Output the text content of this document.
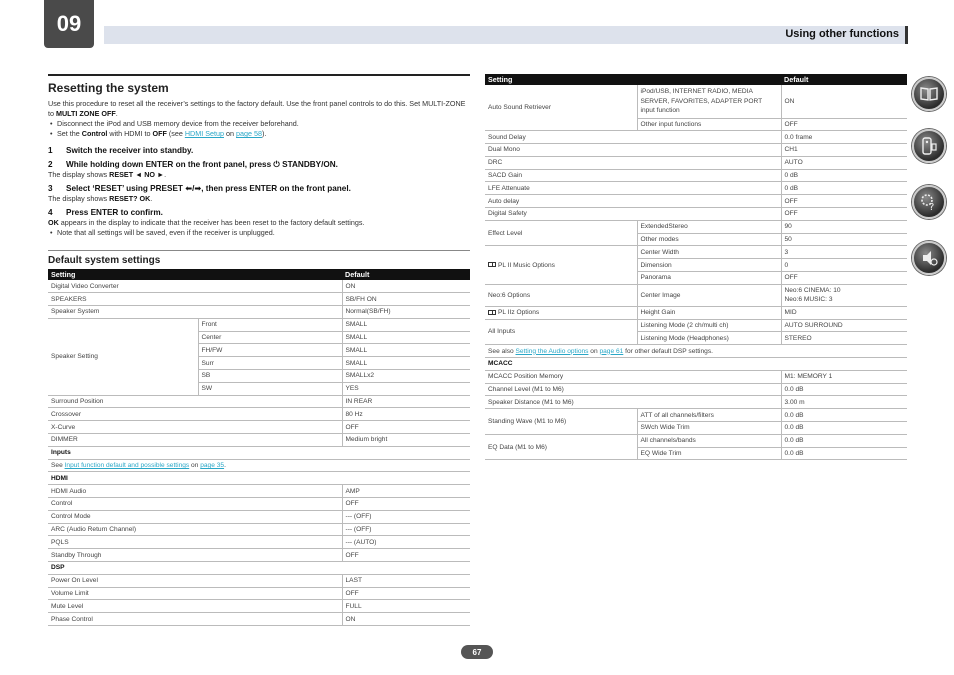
09	Using other functions
Resetting the system

Use this procedure to reset all the receiver’s settings to the factory default. Use the front panel controls to do this. Set MULTI-ZONE to MULTI ZONE OFF.

• Disconnect the iPod and USB memory device from the receiver beforehand.
• Set the Control with HDMI to OFF (see HDMI Setup on page 58).
1 Switch the receiver into standby.
2 While holding down ENTER on the front panel, press ⏻ STANDBY/ON.

The display shows RESET ◄ NO ►.

3 Select ‘RESET’ using PRESET ⬅/➡, then press ENTER on the front panel.

The display shows RESET? OK.

4 Press ENTER to confirm.

OK appears in the display to indicate that the receiver has been reset to the factory default settings.

• Note that all settings will be saved, even if the receiver is unplugged.
Default system settings
Setting		Default
Digital Video Converter		ON
SPEAKERS		SB/FH ON
Speaker System		Normal(SB/FH)
Speaker Setting	Front	SMALL
	Center	SMALL
	FH/FW	SMALL
	Surr	SMALL
	SB	SMALLx2
	SW	YES
Surround Position		IN REAR
Crossover		80 Hz
X-Curve		OFF
DIMMER		Medium bright
Inputs		
See Input function default and possible settings on page 35.		
HDMI		
HDMI Audio		AMP
Control		OFF
Control Mode		--- (OFF)
ARC (Audio Return Channel)		--- (OFF)
PQLS		--- (AUTO)
Standby Through		OFF
DSP		
Power On Level		LAST
Volume Limit		OFF
Mute Level		FULL
Phase Control		ON
Setting		Default
Auto Sound Retriever	iPod/USB, INTERNET RADIO, MEDIA SERVER, FAVORITES, ADAPTER PORT input function	ON
	Other input functions	OFF
Sound Delay		0.0 frame
Dual Mono		CH1
DRC		AUTO
SACD Gain		0 dB
LFE Attenuate		0 dB
Auto delay		OFF
Digital Safety		OFF
Effect Level	ExtendedStereo	90
	Other modes	50
PL II Music Options	Center Width	3
	Dimension	0
	Panorama	OFF
Neo:6 Options	Center Image	Neo:6 CINEMA: 10
Neo:6 MUSIC: 3
PL IIz Options	Height Gain	MID
All Inputs	Listening Mode (2 ch/multi ch)	AUTO SURROUND
	Listening Mode (Headphones)	STEREO
See also Setting the Audio options on page 61 for other default DSP settings.		
MCACC		
MCACC Position Memory		M1: MEMORY 1
Channel Level (M1 to M6)		0.0 dB
Speaker Distance (M1 to M6)		3.00 m
Standing Wave (M1 to M6)	ATT of all channels/filters	0.0 dB
	SWch Wide Trim	0.0 dB
EQ Data (M1 to M6)	All channels/bands	0.0 dB
	EQ Wide Trim	0.0 dB
?
67
